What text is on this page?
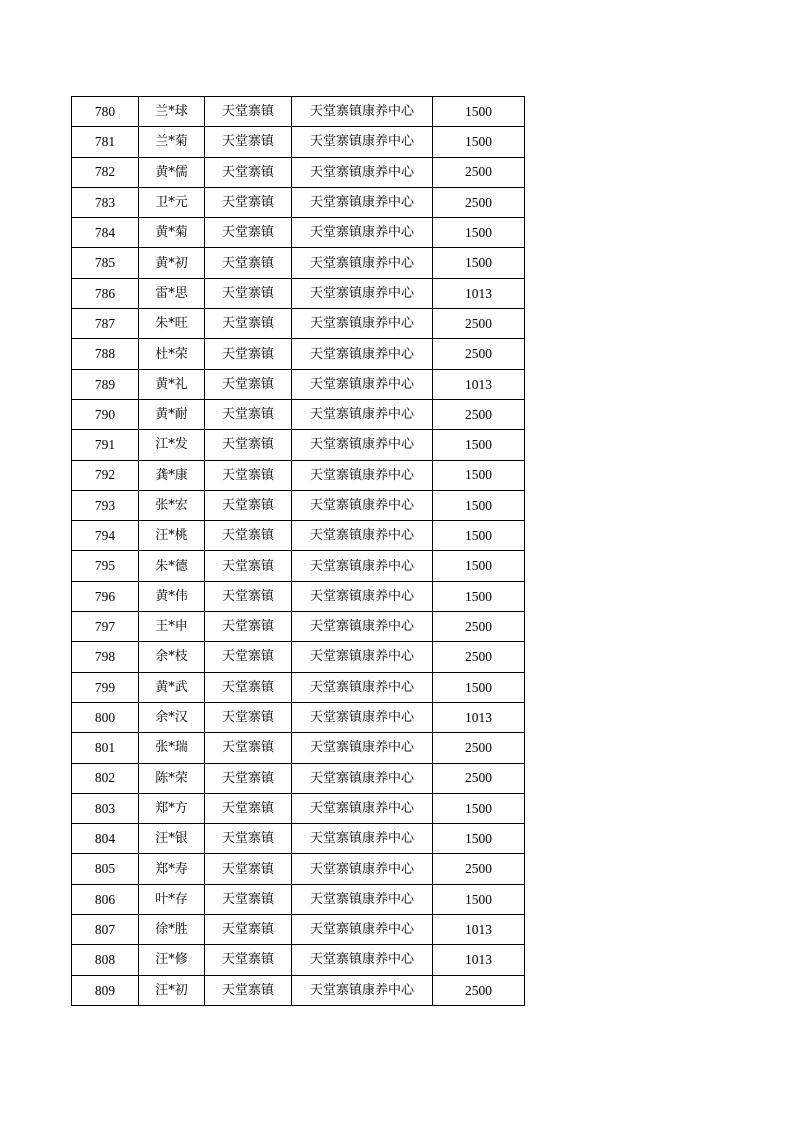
780	兰*球	天堂寨镇	天堂寨镇康养中心	1500
781	兰*菊	天堂寨镇	天堂寨镇康养中心	1500
782	黄*儒	天堂寨镇	天堂寨镇康养中心	2500
783	卫*元	天堂寨镇	天堂寨镇康养中心	2500
784	黄*菊	天堂寨镇	天堂寨镇康养中心	1500
785	黄*初	天堂寨镇	天堂寨镇康养中心	1500
786	雷*思	天堂寨镇	天堂寨镇康养中心	1013
787	朱*旺	天堂寨镇	天堂寨镇康养中心	2500
788	杜*荣	天堂寨镇	天堂寨镇康养中心	2500
789	黄*礼	天堂寨镇	天堂寨镇康养中心	1013
790	黄*耐	天堂寨镇	天堂寨镇康养中心	2500
791	江*发	天堂寨镇	天堂寨镇康养中心	1500
792	龚*康	天堂寨镇	天堂寨镇康养中心	1500
793	张*宏	天堂寨镇	天堂寨镇康养中心	1500
794	汪*桃	天堂寨镇	天堂寨镇康养中心	1500
795	朱*德	天堂寨镇	天堂寨镇康养中心	1500
796	黄*伟	天堂寨镇	天堂寨镇康养中心	1500
797	王*申	天堂寨镇	天堂寨镇康养中心	2500
798	余*枝	天堂寨镇	天堂寨镇康养中心	2500
799	黄*武	天堂寨镇	天堂寨镇康养中心	1500
800	余*汉	天堂寨镇	天堂寨镇康养中心	1013
801	张*瑞	天堂寨镇	天堂寨镇康养中心	2500
802	陈*荣	天堂寨镇	天堂寨镇康养中心	2500
803	郑*方	天堂寨镇	天堂寨镇康养中心	1500
804	汪*银	天堂寨镇	天堂寨镇康养中心	1500
805	郑*寿	天堂寨镇	天堂寨镇康养中心	2500
806	叶*存	天堂寨镇	天堂寨镇康养中心	1500
807	徐*胜	天堂寨镇	天堂寨镇康养中心	1013
808	汪*修	天堂寨镇	天堂寨镇康养中心	1013
809	汪*初	天堂寨镇	天堂寨镇康养中心	2500
